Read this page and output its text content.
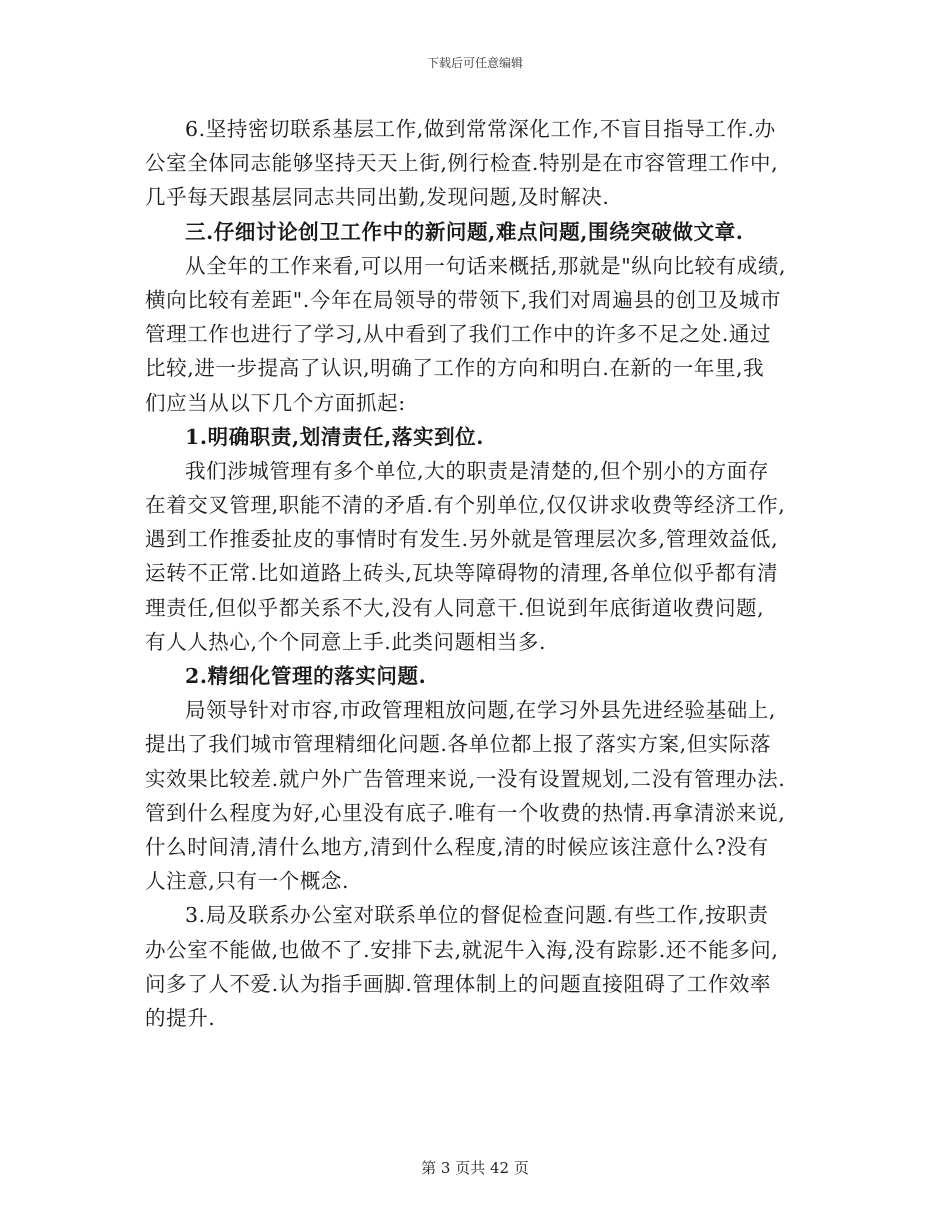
下载后可任意编辑
6.坚持密切联系基层工作,做到常常深化工作,不盲目指导工作.办
公室全体同志能够坚持天天上街,例行检查.特别是在市容管理工作中,
几乎每天跟基层同志共同出勤,发现问题,及时解决.
三.仔细讨论创卫工作中的新问题,难点问题,围绕突破做文章.
从全年的工作来看,可以用一句话来概括,那就是"纵向比较有成绩,
横向比较有差距".今年在局领导的带领下,我们对周遍县的创卫及城市
管理工作也进行了学习,从中看到了我们工作中的许多不足之处.通过
比较,进一步提高了认识,明确了工作的方向和明白.在新的一年里,我
们应当从以下几个方面抓起:
1.明确职责,划清责任,落实到位.
我们涉城管理有多个单位,大的职责是清楚的,但个别小的方面存
在着交叉管理,职能不清的矛盾.有个别单位,仅仅讲求收费等经济工作,
遇到工作推委扯皮的事情时有发生.另外就是管理层次多,管理效益低,
运转不正常.比如道路上砖头,瓦块等障碍物的清理,各单位似乎都有清
理责任,但似乎都关系不大,没有人同意干.但说到年底街道收费问题,
有人人热心,个个同意上手.此类问题相当多.
2.精细化管理的落实问题.
局领导针对市容,市政管理粗放问题,在学习外县先进经验基础上,
提出了我们城市管理精细化问题.各单位都上报了落实方案,但实际落
实效果比较差.就户外广告管理来说,一没有设置规划,二没有管理办法.
管到什么程度为好,心里没有底子.唯有一个收费的热情.再拿清淤来说,
什么时间清,清什么地方,清到什么程度,清的时候应该注意什么?没有
人注意,只有一个概念.
3.局及联系办公室对联系单位的督促检查问题.有些工作,按职责
办公室不能做,也做不了.安排下去,就泥牛入海,没有踪影.还不能多问,
问多了人不爱.认为指手画脚.管理体制上的问题直接阻碍了工作效率
的提升.
第 3 页共 42 页
